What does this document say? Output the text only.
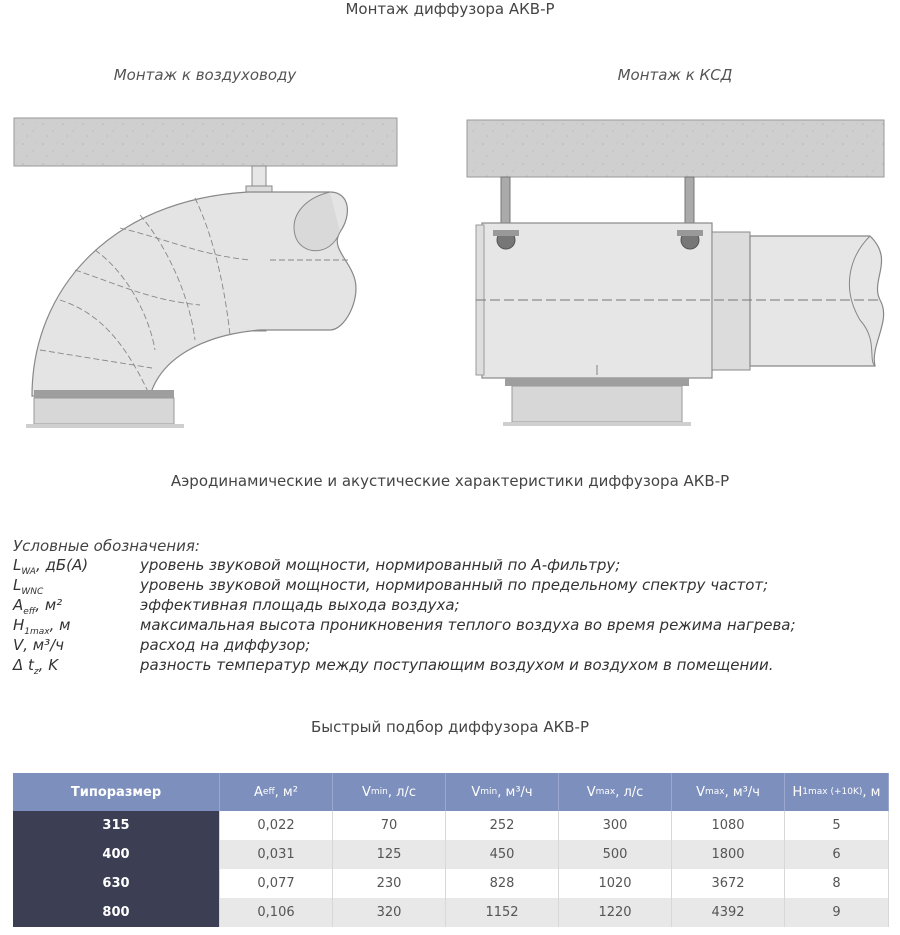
Монтаж диффузора АКВ-Р
Монтаж к воздуховоду	Монтаж к КСД
Аэродинамические и акустические характеристики диффузора АКВ-Р
Условные обозначения:
$L_{WA}$, дБ(А)	уровень звуковой мощности, нормированный по А-фильтру;
$L_{WNC}$	уровень звуковой мощности, нормированный по предельному спектру частот;
$A_{eff}$, м²	эффективная площадь выхода воздуха;
$H_{1max}$, м	максимальная высота проникновения теплого воздуха во время режима нагрева;
V, м³/ч	расход на диффузор;
Δ $t_z$, K	разность температур между поступающим воздухом и воздухом в помещении.
Быстрый подбор диффузора АКВ-Р
Типоразмер	A eff , м²	V min , л/с	V min , м³/ч	V max , л/с	V max , м³/ч	H 1max (+10K) , м
315	0,022	70	252	300	1080	5
400	0,031	125	450	500	1800	6
630	0,077	230	828	1020	3672	8
800	0,106	320	1152	1220	4392	9
